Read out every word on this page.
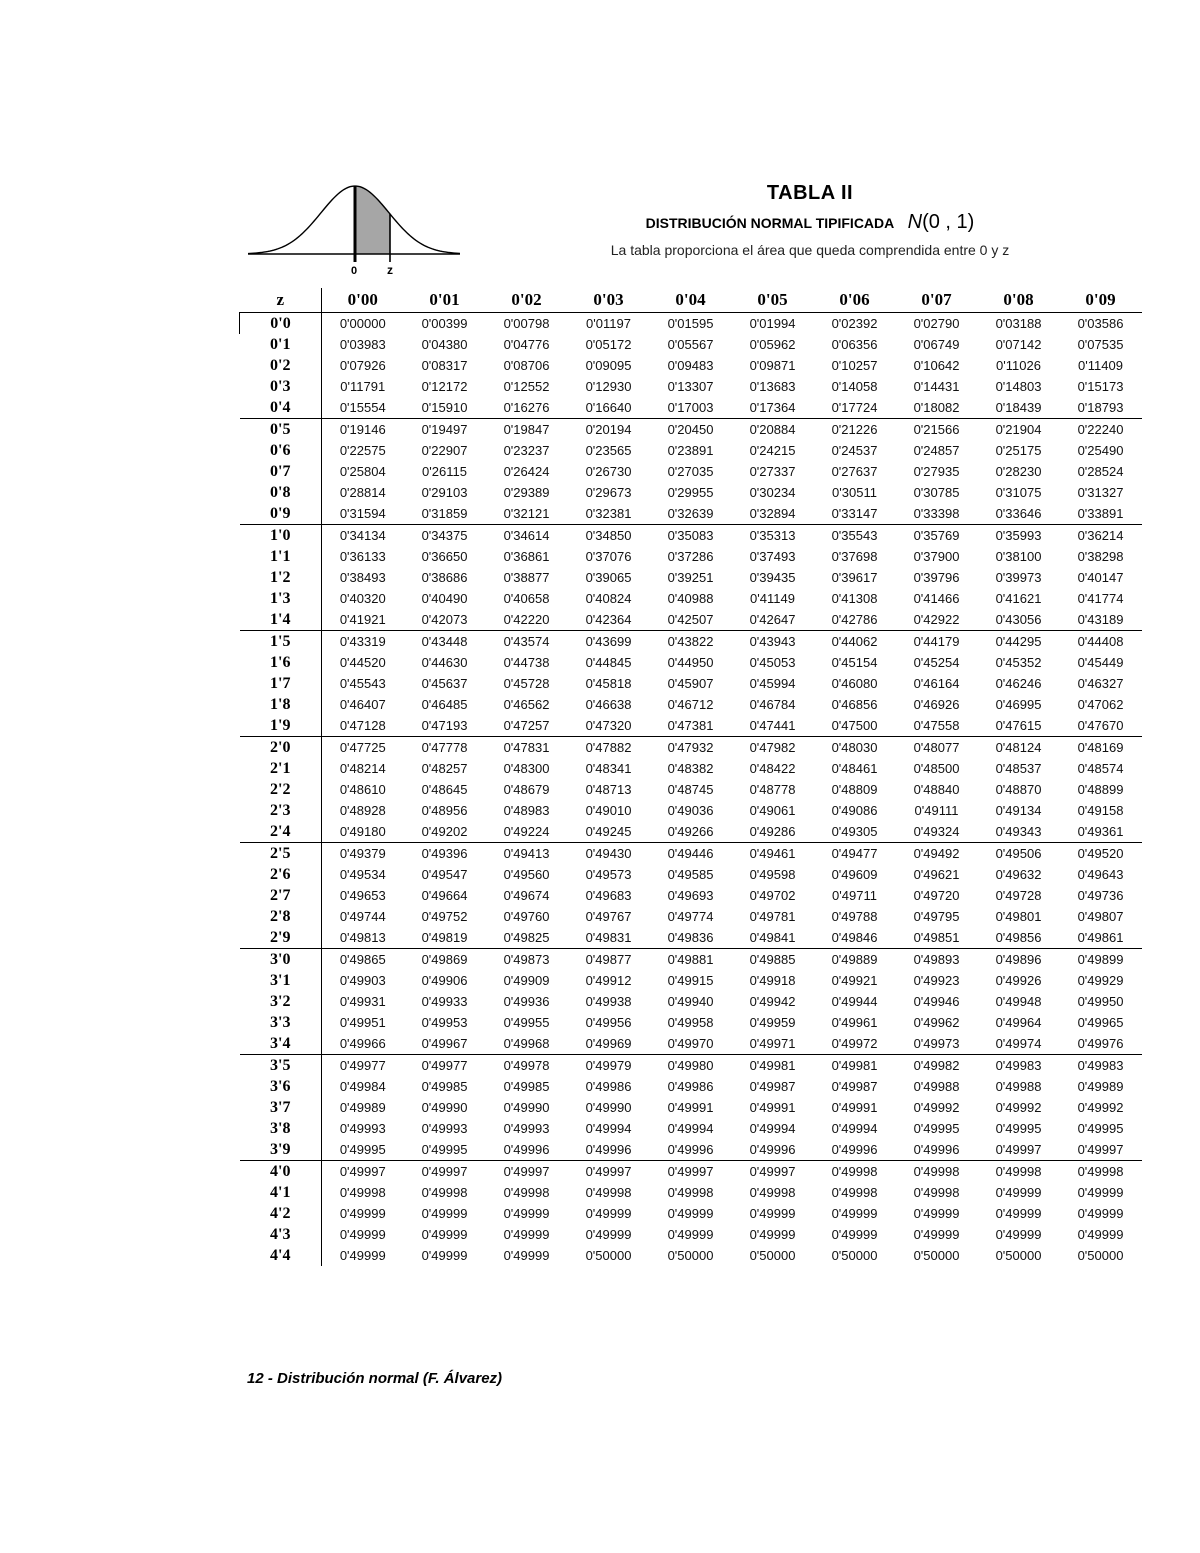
0 z
TABLA II
DISTRIBUCIÓN NORMAL TIPIFICADA N(0 , 1)
La tabla proporciona el área que queda comprendida entre 0 y z
z	0'00	0'01	0'02	0'03	0'04	0'05	0'06	0'07	0'08	0'09
0'0	0'00000	0'00399	0'00798	0'01197	0'01595	0'01994	0'02392	0'02790	0'03188	0'03586
0'1	0'03983	0'04380	0'04776	0'05172	0'05567	0'05962	0'06356	0'06749	0'07142	0'07535
0'2	0'07926	0'08317	0'08706	0'09095	0'09483	0'09871	0'10257	0'10642	0'11026	0'11409
0'3	0'11791	0'12172	0'12552	0'12930	0'13307	0'13683	0'14058	0'14431	0'14803	0'15173
0'4	0'15554	0'15910	0'16276	0'16640	0'17003	0'17364	0'17724	0'18082	0'18439	0'18793
0'5	0'19146	0'19497	0'19847	0'20194	0'20450	0'20884	0'21226	0'21566	0'21904	0'22240
0'6	0'22575	0'22907	0'23237	0'23565	0'23891	0'24215	0'24537	0'24857	0'25175	0'25490
0'7	0'25804	0'26115	0'26424	0'26730	0'27035	0'27337	0'27637	0'27935	0'28230	0'28524
0'8	0'28814	0'29103	0'29389	0'29673	0'29955	0'30234	0'30511	0'30785	0'31075	0'31327
0'9	0'31594	0'31859	0'32121	0'32381	0'32639	0'32894	0'33147	0'33398	0'33646	0'33891
1'0	0'34134	0'34375	0'34614	0'34850	0'35083	0'35313	0'35543	0'35769	0'35993	0'36214
1'1	0'36133	0'36650	0'36861	0'37076	0'37286	0'37493	0'37698	0'37900	0'38100	0'38298
1'2	0'38493	0'38686	0'38877	0'39065	0'39251	0'39435	0'39617	0'39796	0'39973	0'40147
1'3	0'40320	0'40490	0'40658	0'40824	0'40988	0'41149	0'41308	0'41466	0'41621	0'41774
1'4	0'41921	0'42073	0'42220	0'42364	0'42507	0'42647	0'42786	0'42922	0'43056	0'43189
1'5	0'43319	0'43448	0'43574	0'43699	0'43822	0'43943	0'44062	0'44179	0'44295	0'44408
1'6	0'44520	0'44630	0'44738	0'44845	0'44950	0'45053	0'45154	0'45254	0'45352	0'45449
1'7	0'45543	0'45637	0'45728	0'45818	0'45907	0'45994	0'46080	0'46164	0'46246	0'46327
1'8	0'46407	0'46485	0'46562	0'46638	0'46712	0'46784	0'46856	0'46926	0'46995	0'47062
1'9	0'47128	0'47193	0'47257	0'47320	0'47381	0'47441	0'47500	0'47558	0'47615	0'47670
2'0	0'47725	0'47778	0'47831	0'47882	0'47932	0'47982	0'48030	0'48077	0'48124	0'48169
2'1	0'48214	0'48257	0'48300	0'48341	0'48382	0'48422	0'48461	0'48500	0'48537	0'48574
2'2	0'48610	0'48645	0'48679	0'48713	0'48745	0'48778	0'48809	0'48840	0'48870	0'48899
2'3	0'48928	0'48956	0'48983	0'49010	0'49036	0'49061	0'49086	0'49111	0'49134	0'49158
2'4	0'49180	0'49202	0'49224	0'49245	0'49266	0'49286	0'49305	0'49324	0'49343	0'49361
2'5	0'49379	0'49396	0'49413	0'49430	0'49446	0'49461	0'49477	0'49492	0'49506	0'49520
2'6	0'49534	0'49547	0'49560	0'49573	0'49585	0'49598	0'49609	0'49621	0'49632	0'49643
2'7	0'49653	0'49664	0'49674	0'49683	0'49693	0'49702	0'49711	0'49720	0'49728	0'49736
2'8	0'49744	0'49752	0'49760	0'49767	0'49774	0'49781	0'49788	0'49795	0'49801	0'49807
2'9	0'49813	0'49819	0'49825	0'49831	0'49836	0'49841	0'49846	0'49851	0'49856	0'49861
3'0	0'49865	0'49869	0'49873	0'49877	0'49881	0'49885	0'49889	0'49893	0'49896	0'49899
3'1	0'49903	0'49906	0'49909	0'49912	0'49915	0'49918	0'49921	0'49923	0'49926	0'49929
3'2	0'49931	0'49933	0'49936	0'49938	0'49940	0'49942	0'49944	0'49946	0'49948	0'49950
3'3	0'49951	0'49953	0'49955	0'49956	0'49958	0'49959	0'49961	0'49962	0'49964	0'49965
3'4	0'49966	0'49967	0'49968	0'49969	0'49970	0'49971	0'49972	0'49973	0'49974	0'49976
3'5	0'49977	0'49977	0'49978	0'49979	0'49980	0'49981	0'49981	0'49982	0'49983	0'49983
3'6	0'49984	0'49985	0'49985	0'49986	0'49986	0'49987	0'49987	0'49988	0'49988	0'49989
3'7	0'49989	0'49990	0'49990	0'49990	0'49991	0'49991	0'49991	0'49992	0'49992	0'49992
3'8	0'49993	0'49993	0'49993	0'49994	0'49994	0'49994	0'49994	0'49995	0'49995	0'49995
3'9	0'49995	0'49995	0'49996	0'49996	0'49996	0'49996	0'49996	0'49996	0'49997	0'49997
4'0	0'49997	0'49997	0'49997	0'49997	0'49997	0'49997	0'49998	0'49998	0'49998	0'49998
4'1	0'49998	0'49998	0'49998	0'49998	0'49998	0'49998	0'49998	0'49998	0'49999	0'49999
4'2	0'49999	0'49999	0'49999	0'49999	0'49999	0'49999	0'49999	0'49999	0'49999	0'49999
4'3	0'49999	0'49999	0'49999	0'49999	0'49999	0'49999	0'49999	0'49999	0'49999	0'49999
4'4	0'49999	0'49999	0'49999	0'50000	0'50000	0'50000	0'50000	0'50000	0'50000	0'50000
12 - Distribución normal (F. Álvarez)
